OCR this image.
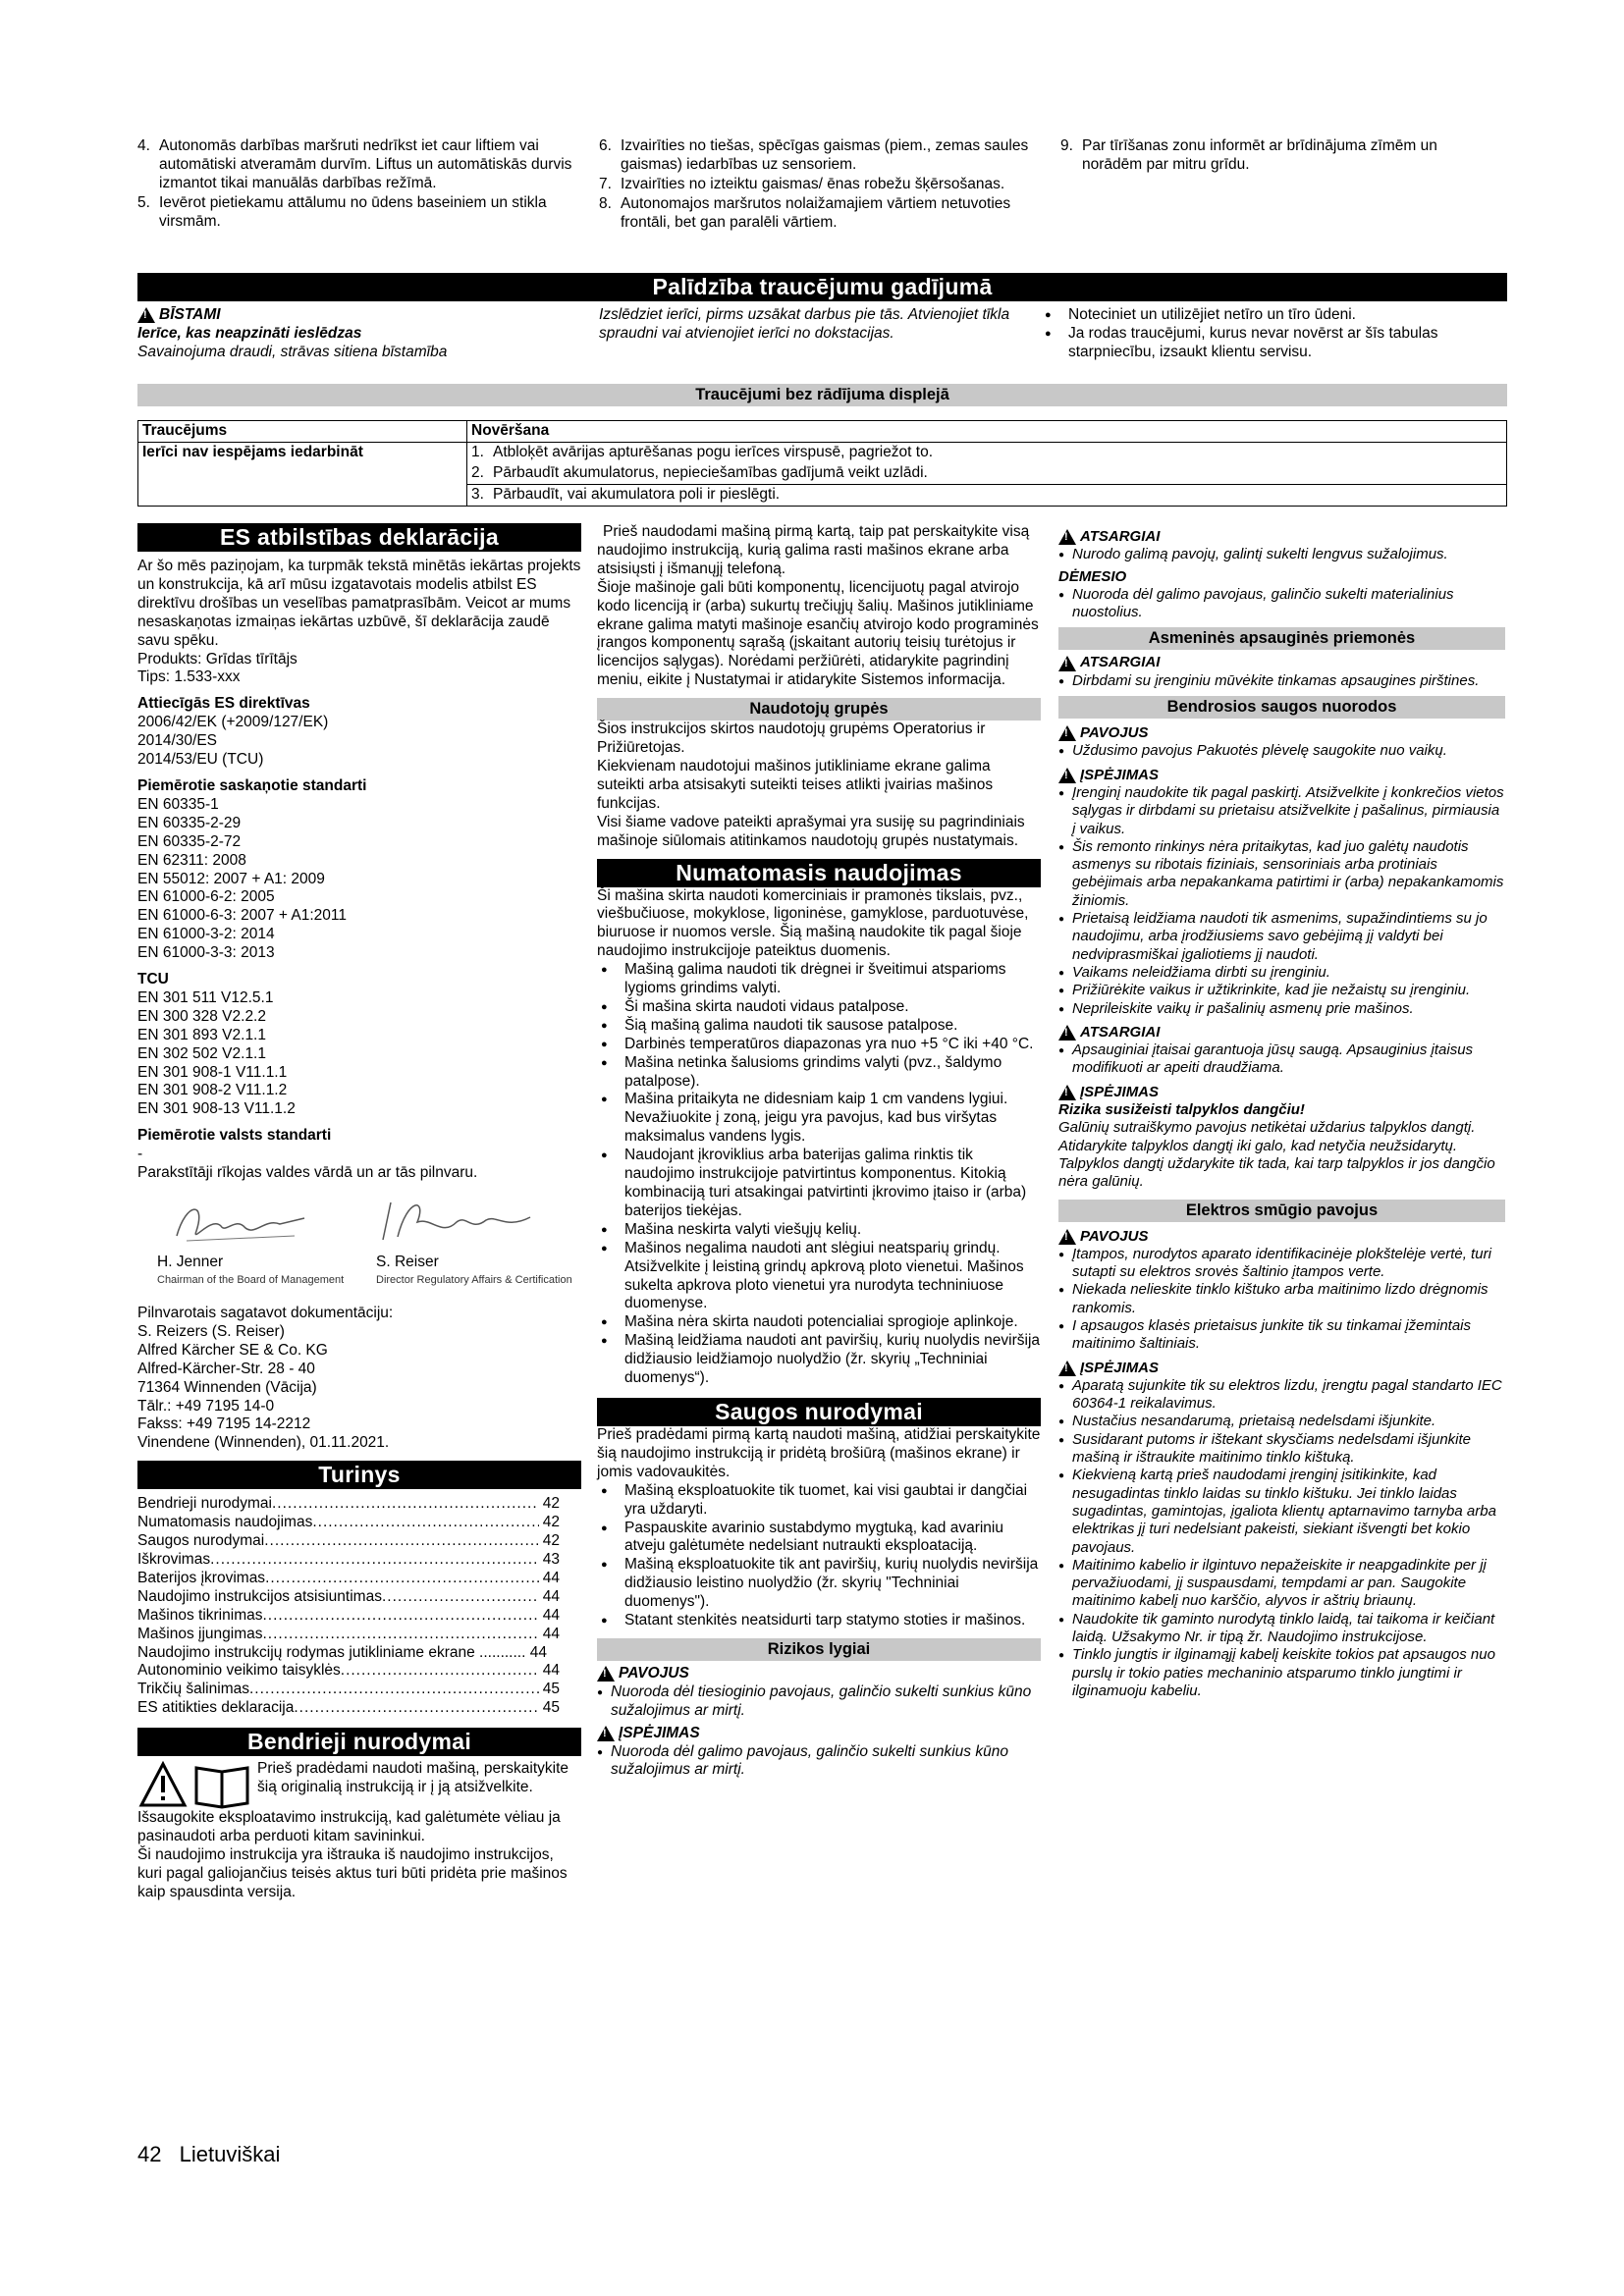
4. Autonomās darbības maršruti nedrīkst iet caur liftiem vai automātiski atveramām durvīm. Liftus un automātiskās durvis izmantot tikai manuālās darbības režīmā.
5. Ievērot pietiekamu attālumu no ūdens baseiniem un stikla virsmām.
6. Izvairīties no tiešas, spēcīgas gaismas (piem., zemas saules gaismas) iedarbības uz sensoriem.
7. Izvairīties no izteiktu gaismas/ ēnas robežu šķērsošanas.
8. Autonomajos maršrutos nolaižamajiem vārtiem netuvoties frontāli, bet gan paralēli vārtiem.
9. Par tīrīšanas zonu informēt ar brīdinājuma zīmēm un norādēm par mitru grīdu.
Palīdzība traucējumu gadījumā
!
BĪSTAMI
Ierīce, kas neapzināti ieslēdzas
Savainojuma draudi, strāvas sitiena bīstamība
Izslēdziet ierīci, pirms uzsākat darbus pie tās. Atvienojiet tīkla spraudni vai atvienojiet ierīci no dokstacijas.
● Noteciniet un utilizējiet netīro un tīro ūdeni.
● Ja rodas traucējumi, kurus nevar novērst ar šīs tabulas starpniecību, izsaukt klientu servisu.
Traucējumi bez rādījuma displejā
Traucējums	Novēršana
Ierīci nav iespējams iedarbināt	1. Atbloķēt avārijas apturēšanas pogu ierīces virspusē, pagriežot to.
2. Pārbaudīt akumulatorus, nepieciešamības gadījumā veikt uzlādi.
3. Pārbaudīt, vai akumulatora poli ir pieslēgti.
ES atbilstības deklarācija
Ar šo mēs paziņojam, ka turpmāk tekstā minētās iekārtas projekts un konstrukcija, kā arī mūsu izgatavotais modelis atbilst ES direktīvu drošības un veselības pamatprasībām. Veicot ar mums nesaskaņotas izmaiņas iekārtas uzbūvē, šī deklarācija zaudē savu spēku.
Produkts: Grīdas tīrītājs
Tips: 1.533-xxx
Attiecīgās ES direktīvas
2006/42/EK (+2009/127/EK)
2014/30/ES
2014/53/EU (TCU)
Piemērotie saskaņotie standarti
EN 60335-1
EN 60335-2-29
EN 60335-2-72
EN 62311: 2008
EN 55012: 2007 + A1: 2009
EN 61000-6-2: 2005
EN 61000-6-3: 2007 + A1:2011
EN 61000-3-2: 2014
EN 61000-3-3: 2013
TCU
EN 301 511 V12.5.1
EN 300 328 V2.2.2
EN 301 893 V2.1.1
EN 302 502 V2.1.1
EN 301 908-1 V11.1.1
EN 301 908-2 V11.1.2
EN 301 908-13 V11.1.2
Piemērotie valsts standarti
-
Parakstītāji rīkojas valdes vārdā un ar tās pilnvaru.
H. Jenner
Chairman of the Board of Management
S. Reiser
Director Regulatory Affairs & Certification
Pilnvarotais sagatavot dokumentāciju:
S. Reizers (S. Reiser)
Alfred Kärcher SE & Co. KG
Alfred-Kärcher-Str. 28 - 40
71364 Winnenden (Vācija)
Tālr.: +49 7195 14-0
Fakss: +49 7195 14-2212
Vinendene (Winnenden), 01.11.2021.
Turinys
Bendrieji nurodymai .....	42
Numatomasis naudojimas .....	42
Saugos nurodymai .....	42
Iškrovimas .....	43
Baterijos įkrovimas .....	44
Naudojimo instrukcijos atsisiuntimas .....	44
Mašinos tikrinimas .....	44
Mašinos įjungimas .....	44
Naudojimo instrukcijų rodymas jutikliniame ekrane ........... 44
Autonominio veikimo taisyklės .....	44
Trikčių šalinimas .....	45
ES atitikties deklaracija .....	45
Bendrieji nurodymai
Prieš pradėdami naudoti mašiną, perskaitykite šią originalią instrukciją ir į ją atsižvelkite.
Išsaugokite eksploatavimo instrukciją, kad galėtumėte vėliau ja pasinaudoti arba perduoti kitam savininkui.
Ši naudojimo instrukcija yra ištrauka iš naudojimo instrukcijos, kuri pagal galiojančius teisės aktus turi būti pridėta prie mašinos kaip spausdinta versija.
Prieš naudodami mašiną pirmą kartą, taip pat perskaitykite visą naudojimo instrukciją, kurią galima rasti mašinos ekrane arba atsisiųsti į išmanųjį telefoną.
Šioje mašinoje gali būti komponentų, licencijuotų pagal atvirojo kodo licenciją ir (arba) sukurtų trečiųjų šalių. Mašinos jutikliniame ekrane galima matyti mašinoje esančių atvirojo kodo programinės įrangos komponentų sąrašą (įskaitant autorių teisių turėtojus ir licencijos sąlygas). Norėdami peržiūrėti, atidarykite pagrindinį meniu, eikite į Nustatymai ir atidarykite Sistemos informacija.
Naudotojų grupės
Šios instrukcijos skirtos naudotojų grupėms Operatorius ir Prižiūretojas.
Kiekvienam naudotojui mašinos jutikliniame ekrane galima suteikti arba atsisakyti suteikti teises atlikti įvairias mašinos funkcijas.
Visi šiame vadove pateikti aprašymai yra susiję su pagrindiniais mašinoje siūlomais atitinkamos naudotojų grupės nustatymais.
Numatomasis naudojimas
Ši mašina skirta naudoti komerciniais ir pramonės tikslais, pvz., viešbučiuose, mokyklose, ligoninėse, gamyklose, parduotuvėse, biuruose ir nuomos versle. Šią mašiną naudokite tik pagal šioje naudojimo instrukcijoje pateiktus duomenis.
● Mašiną galima naudoti tik drėgnei ir šveitimui atsparioms lygioms grindims valyti.
● Ši mašina skirta naudoti vidaus patalpose.
● Šią mašiną galima naudoti tik sausose patalpose.
● Darbinės temperatūros diapazonas yra nuo +5 °C iki +40 °C.
● Mašina netinka šalusioms grindims valyti (pvz., šaldymo patalpose).
● Mašina pritaikyta ne didesniam kaip 1 cm vandens lygiui. Nevažiuokite į zoną, jeigu yra pavojus, kad bus viršytas maksimalus vandens lygis.
● Naudojant įkroviklius arba baterijas galima rinktis tik naudojimo instrukcijoje patvirtintus komponentus. Kitokią kombinaciją turi atsakingai patvirtinti įkrovimo įtaiso ir (arba) baterijos tiekėjas.
● Mašina neskirta valyti viešųjų kelių.
● Mašinos negalima naudoti ant slėgiui neatsparių grindų. Atsižvelkite į leistiną grindų apkrovą ploto vienetui. Mašinos sukelta apkrova ploto vienetui yra nurodyta techniniuose duomenyse.
● Mašina nėra skirta naudoti potencialiai sprogioje aplinkoje.
● Mašiną leidžiama naudoti ant paviršių, kurių nuolydis neviršija didžiausio leidžiamojo nuolydžio (žr. skyrių „Techniniai duomenys“).
Saugos nurodymai
Prieš pradėdami pirmą kartą naudoti mašiną, atidžiai perskaitykite šią naudojimo instrukciją ir pridėtą brošiūrą (mašinos ekrane) ir jomis vadovaukitės.
● Mašiną eksploatuokite tik tuomet, kai visi gaubtai ir dangčiai yra uždaryti.
● Paspauskite avarinio sustabdymo mygtuką, kad avariniu atveju galėtumėte nedelsiant nutraukti eksploataciją.
● Mašiną eksploatuokite tik ant paviršių, kurių nuolydis neviršija didžiausio leistino nuolydžio (žr. skyrių "Techniniai duomenys").
● Statant stenkitės neatsidurti tarp statymo stoties ir mašinos.
Rizikos lygiai
!
PAVOJUS
● Nuoroda dėl tiesioginio pavojaus, galinčio sukelti sunkius kūno sužalojimus ar mirtį.
!
ĮSPĖJIMAS
● Nuoroda dėl galimo pavojaus, galinčio sukelti sunkius kūno sužalojimus ar mirtį.
!
ATSARGIAI
● Nurodo galimą pavojų, galintį sukelti lengvus sužalojimus.
DĖMESIO
● Nuoroda dėl galimo pavojaus, galinčio sukelti materialinius nuostolius.
Asmeninės apsauginės priemonės
!
ATSARGIAI
● Dirbdami su įrenginiu mūvėkite tinkamas apsaugines pirštines.
Bendrosios saugos nuorodos
!
PAVOJUS
● Uždusimo pavojus Pakuotės plėvelę saugokite nuo vaikų.
!
ĮSPĖJIMAS
● Įrenginį naudokite tik pagal paskirtį. Atsižvelkite į konkrečios vietos sąlygas ir dirbdami su prietaisu atsižvelkite į pašalinus, pirmiausia į vaikus.
● Šis remonto rinkinys nėra pritaikytas, kad juo galėtų naudotis asmenys su ribotais fiziniais, sensoriniais arba protiniais gebėjimais arba nepakankama patirtimi ir (arba) nepakankamomis žiniomis.
● Prietaisą leidžiama naudoti tik asmenims, supažindintiems su jo naudojimu, arba įrodžiusiems savo gebėjimą jį valdyti bei nedviprasmiškai įgaliotiems jį naudoti.
● Vaikams neleidžiama dirbti su įrenginiu.
● Prižiūrėkite vaikus ir užtikrinkite, kad jie nežaistų su įrenginiu.
● Neprileiskite vaikų ir pašalinių asmenų prie mašinos.
!
ATSARGIAI
● Apsauginiai įtaisai garantuoja jūsų saugą. Apsauginius įtaisus modifikuoti ar apeiti draudžiama.
!
ĮSPĖJIMAS
Rizika susižeisti talpyklos dangčiu!
Galūnių sutraiškymo pavojus netikėtai uždarius talpyklos dangtį.
Atidarykite talpyklos dangtį iki galo, kad netyčia neužsidarytų.
Talpyklos dangtį uždarykite tik tada, kai tarp talpyklos ir jos dangčio nėra galūnių.
Elektros smūgio pavojus
!
PAVOJUS
● Įtampos, nurodytos aparato identifikacinėje plokštelėje vertė, turi sutapti su elektros srovės šaltinio įtampos verte.
● Niekada nelieskite tinklo kištuko arba maitinimo lizdo drėgnomis rankomis.
● I apsaugos klasės prietaisus junkite tik su tinkamai įžemintais maitinimo šaltiniais.
!
ĮSPĖJIMAS
● Aparatą sujunkite tik su elektros lizdu, įrengtu pagal standarto IEC 60364-1 reikalavimus.
● Nustačius nesandarumą, prietaisą nedelsdami išjunkite.
● Susidarant putoms ir ištekant skysčiams nedelsdami išjunkite mašiną ir ištraukite maitinimo tinklo kištuką.
● Kiekvieną kartą prieš naudodami įrenginį įsitikinkite, kad nesugadintas tinklo laidas su tinklo kištuku. Jei tinklo laidas sugadintas, gamintojas, įgaliota klientų aptarnavimo tarnyba arba elektrikas jį turi nedelsiant pakeisti, siekiant išvengti bet kokio pavojaus.
● Maitinimo kabelio ir ilgintuvo nepažeiskite ir neapgadinkite per jį pervažiuodami, jį suspausdami, tempdami ar pan. Saugokite maitinimo kabelį nuo karščio, alyvos ir aštrių briaunų.
● Naudokite tik gaminto nurodytą tinklo laidą, tai taikoma ir keičiant laidą. Užsakymo Nr. ir tipą žr. Naudojimo instrukcijose.
● Tinklo jungtis ir ilginamąjį kabelį keiskite tokios pat apsaugos nuo purslų ir tokio paties mechaninio atsparumo tinklo jungtimi ir ilginamuoju kabeliu.
42 Lietuviškai
